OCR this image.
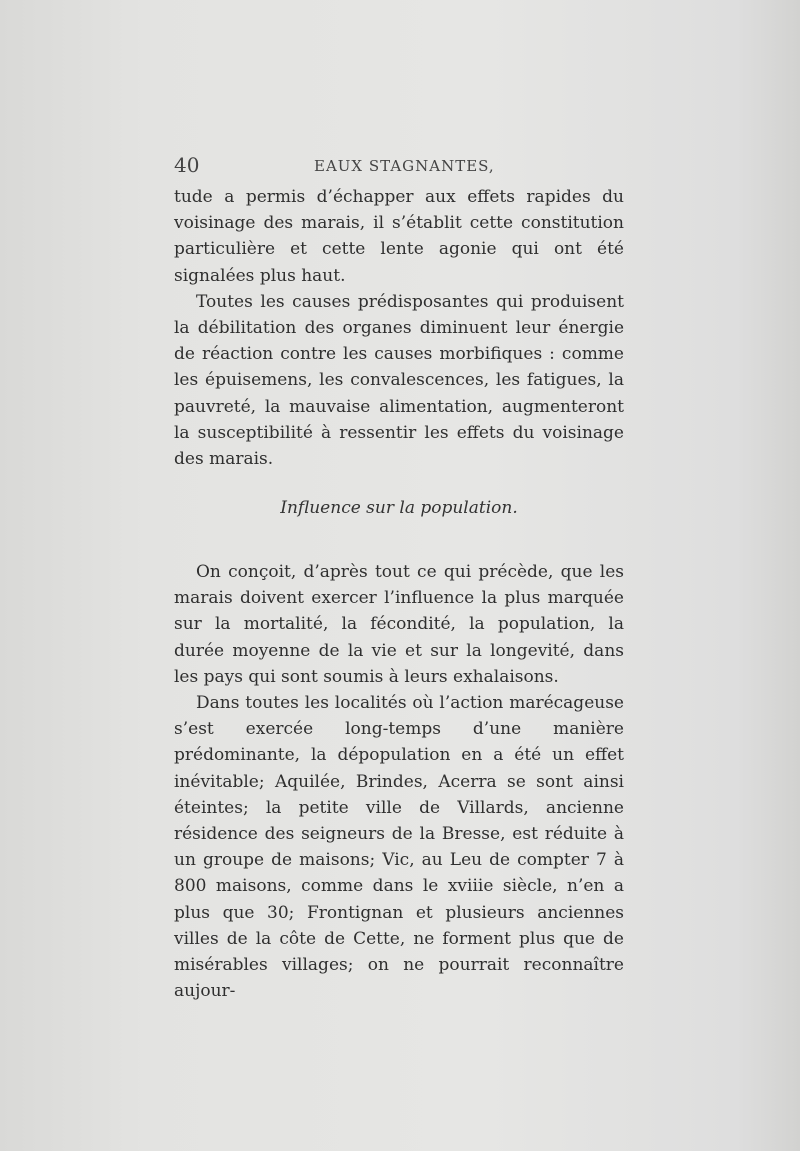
40	EAUX STAGNANTES,

tude a permis d’échapper aux effets rapides du voisinage des marais, il s’établit cette constitution particulière et cette lente agonie qui ont été signalées plus haut.

Toutes les causes prédisposantes qui produisent la débilitation des organes diminuent leur énergie de réaction contre les causes morbifiques : comme les épuisemens, les convalescences, les fatigues, la pauvreté, la mauvaise alimentation, augmenteront la susceptibilité à ressentir les effets du voisinage des marais.

Influence sur la population.

On conçoit, d’après tout ce qui précède, que les marais doivent exercer l’influence la plus marquée sur la mortalité, la fécondité, la population, la durée moyenne de la vie et sur la longevité, dans les pays qui sont soumis à leurs exhalaisons.

Dans toutes les localités où l’action marécageuse s’est exercée long-temps d’une manière prédominante, la dépopulation en a été un effet inévitable; Aquilée, Brindes, Acerra se sont ainsi éteintes; la petite ville de Villards, ancienne résidence des seigneurs de la Bresse, est réduite à un groupe de maisons; Vic, au Leu de compter 7 à 800 maisons, comme dans le xviiie siècle, n’en a plus que 30; Frontignan et plusieurs anciennes villes de la côte de Cette, ne forment plus que de misérables villages; on ne pourrait reconnaître aujour-
